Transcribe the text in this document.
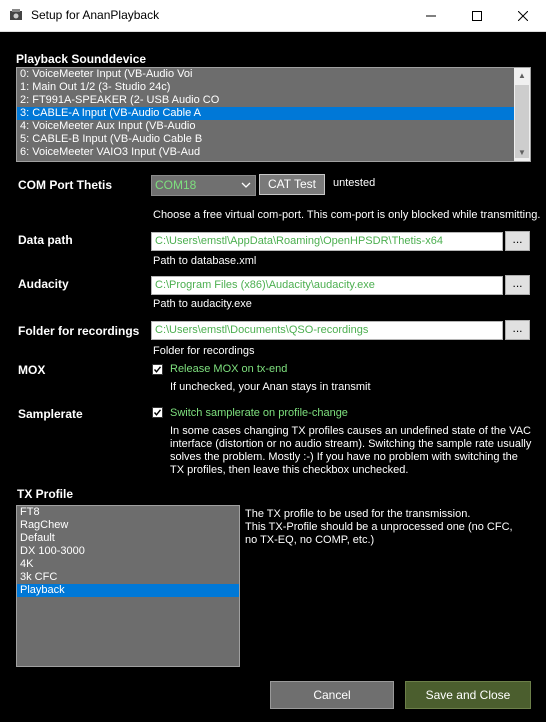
Setup for AnanPlayback
Playback Sounddevice
0: VoiceMeeter Input (VB-Audio Voi
1: Main Out 1/2 (3- Studio 24c)
2: FT991A-SPEAKER (2- USB Audio CO
3: CABLE-A Input (VB-Audio Cable A
4: VoiceMeeter Aux Input (VB-Audio
5: CABLE-B Input (VB-Audio Cable B
6: VoiceMeeter VAIO3 Input (VB-Aud
▲
▼
COM Port Thetis	COM18	CAT Test	untested
Choose a free virtual com-port. This com-port is only blocked while transmitting.
Data path	C:\Users\emstl\AppData\Roaming\OpenHPSDR\Thetis-x64	...
Path to database.xml
Audacity	C:\Program Files (x86)\Audacity\audacity.exe	...
Path to audacity.exe
Folder for recordings	C:\Users\emstl\Documents\QSO-recordings	...
Folder for recordings
MOX	Release MOX on tx-end
If unchecked, your Anan stays in transmit
Samplerate	Switch samplerate on profile-change
In some cases changing TX profiles causes an undefined state of the VAC
interface (distortion or no audio stream). Switching the sample rate usually
solves the problem. Mostly :-) If you have no problem with switching the
TX profiles, then leave this checkbox unchecked.
TX Profile
FT8
RagChew
Default
DX 100-3000
4K
3k CFC
Playback
The TX profile to be used for the transmission.
This TX-Profile should be a unprocessed one (no CFC,
no TX-EQ, no COMP, etc.)
Cancel	Save and Close
